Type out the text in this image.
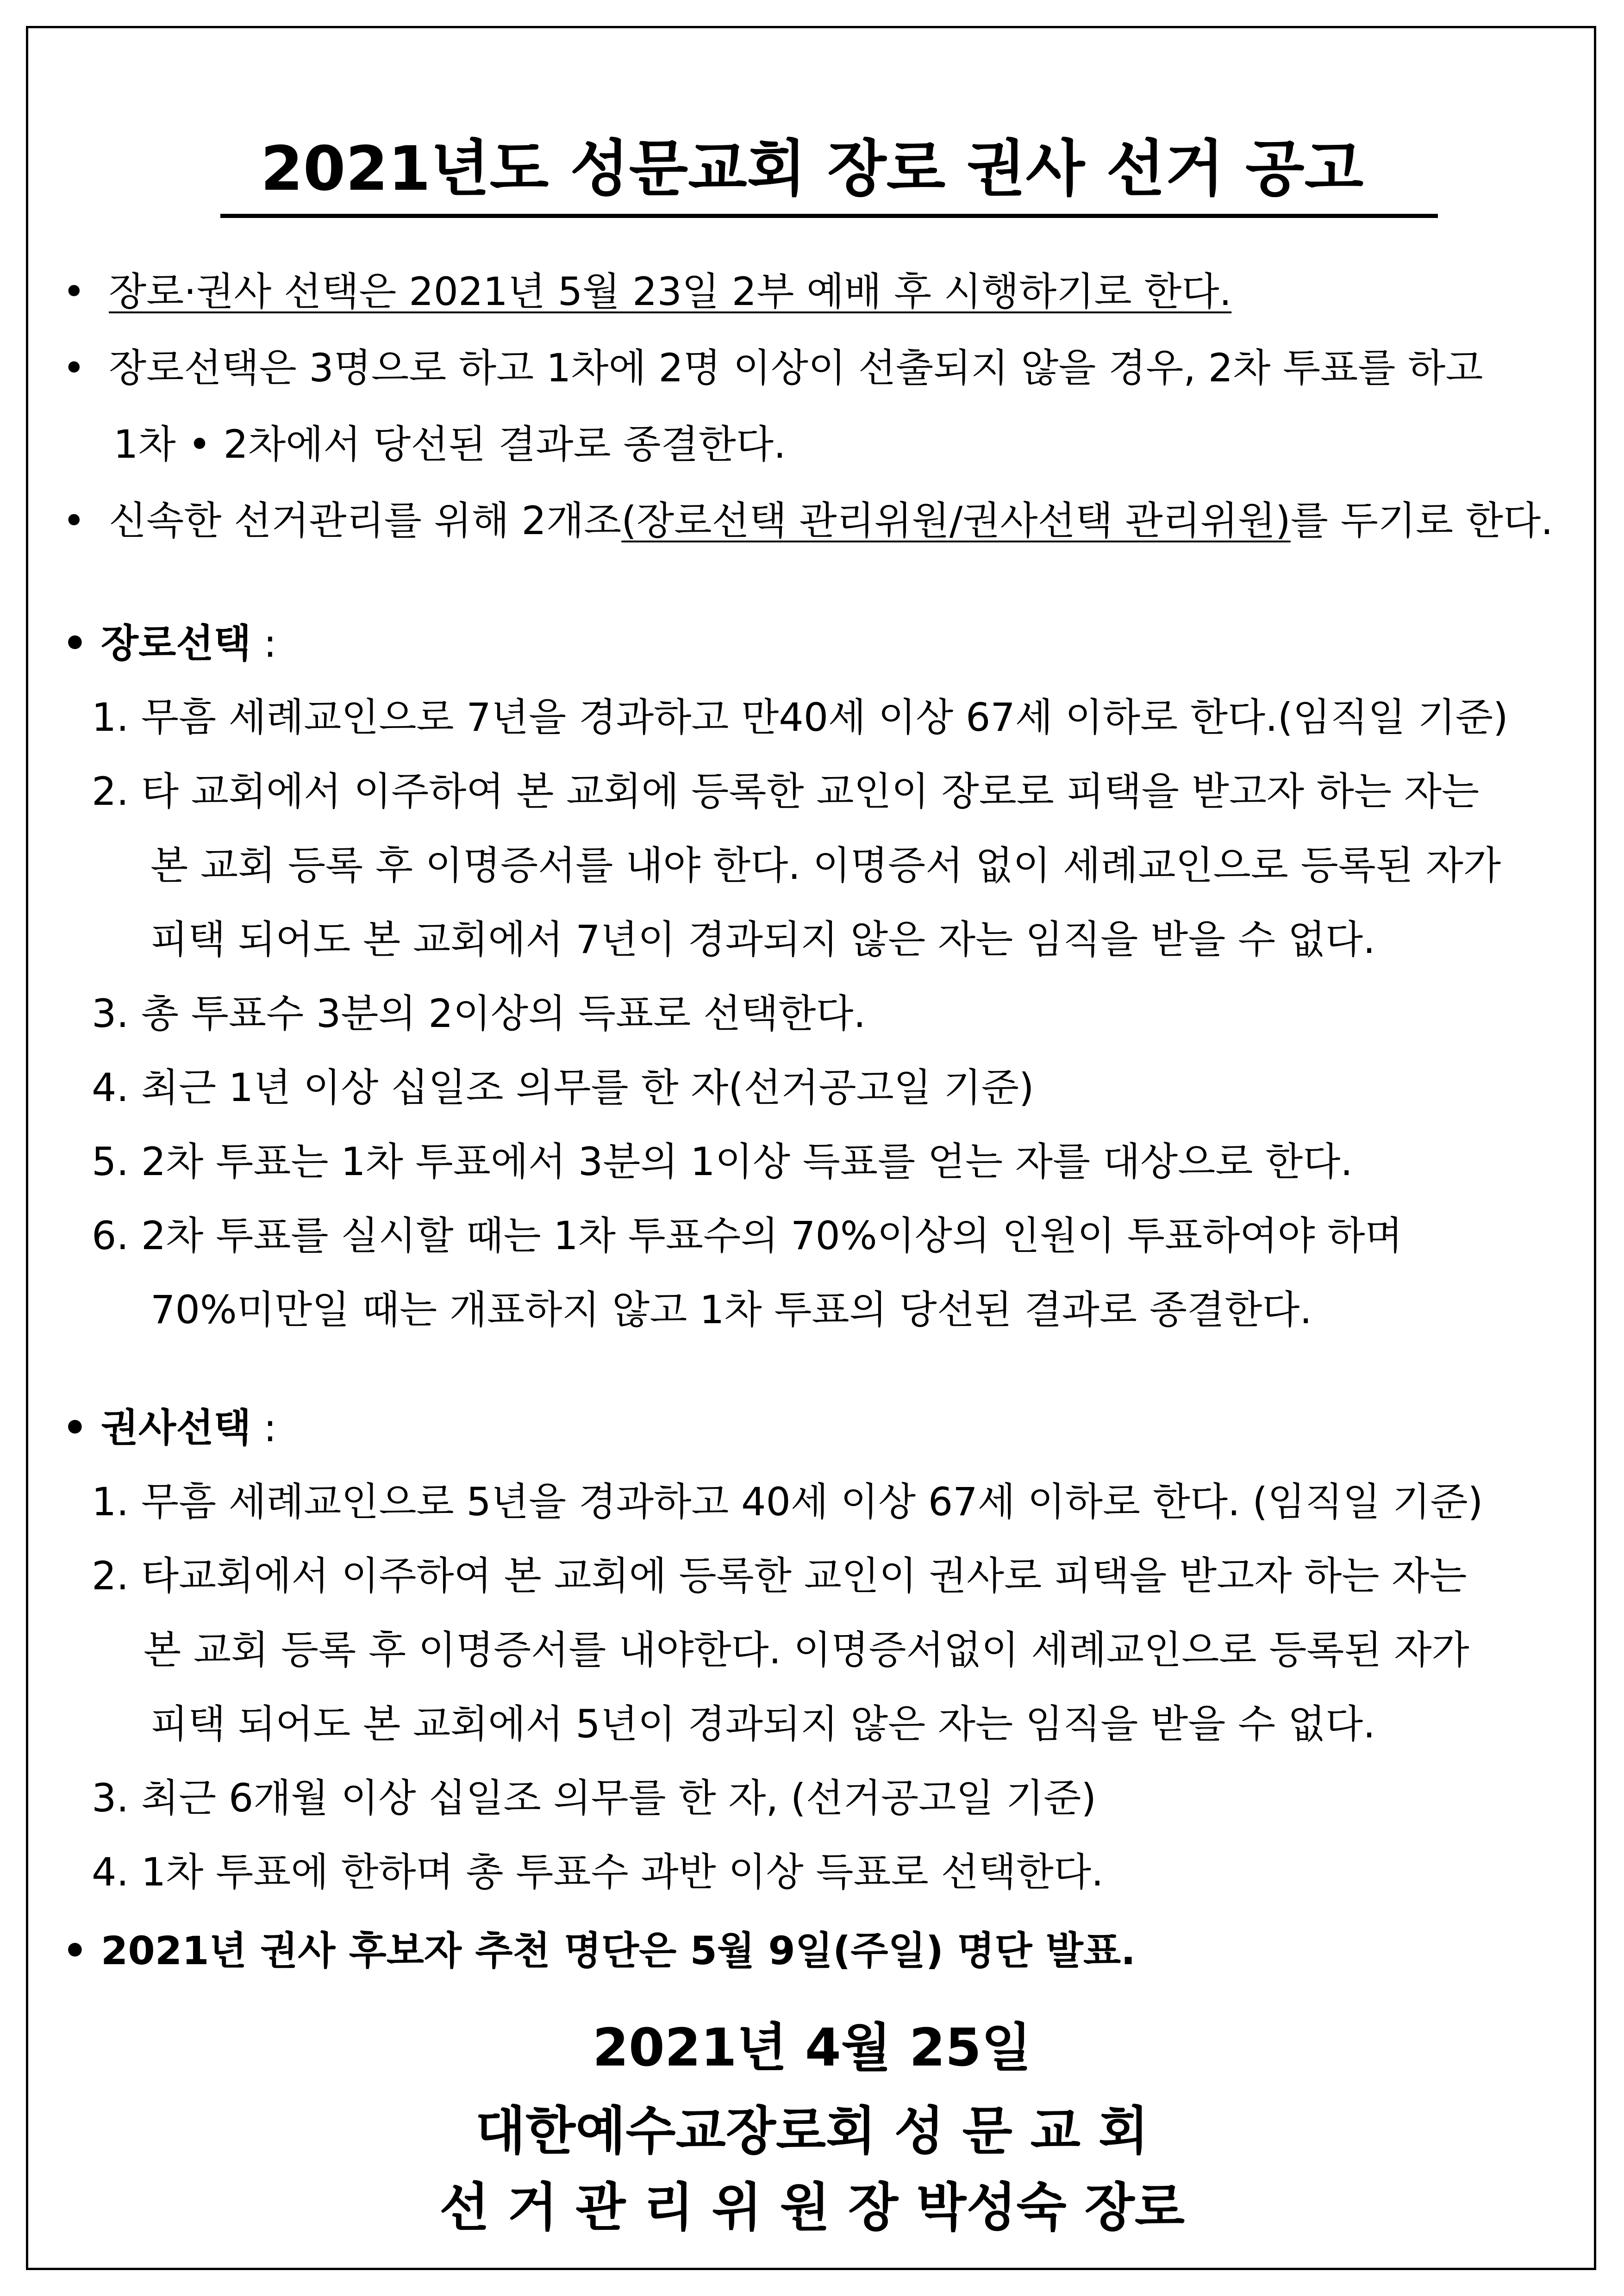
2021년도 성문교회 장로 권사 선거 공고
• 장로·권사 선택은 2021년 5월 23일 2부 예배 후 시행하기로 한다.
• 장로선택은 3명으로 하고 1차에 2명 이상이 선출되지 않을 경우, 2차 투표를 하고
1차 • 2차에서 당선된 결과로 종결한다.
• 신속한 선거관리를 위해 2개조(장로선택 관리위원/권사선택 관리위원)를 두기로 한다.
• 장로선택 :
1. 무흠 세례교인으로 7년을 경과하고 만40세 이상 67세 이하로 한다.(임직일 기준)
2. 타 교회에서 이주하여 본 교회에 등록한 교인이 장로로 피택을 받고자 하는 자는
본 교회 등록 후 이명증서를 내야 한다. 이명증서 없이 세례교인으로 등록된 자가
피택 되어도 본 교회에서 7년이 경과되지 않은 자는 임직을 받을 수 없다.
3. 총 투표수 3분의 2이상의 득표로 선택한다.
4. 최근 1년 이상 십일조 의무를 한 자(선거공고일 기준)
5. 2차 투표는 1차 투표에서 3분의 1이상 득표를 얻는 자를 대상으로 한다.
6. 2차 투표를 실시할 때는 1차 투표수의 70%이상의 인원이 투표하여야 하며
70%미만일 때는 개표하지 않고 1차 투표의 당선된 결과로 종결한다.
• 권사선택 :
1. 무흠 세례교인으로 5년을 경과하고 40세 이상 67세 이하로 한다. (임직일 기준)
2. 타교회에서 이주하여 본 교회에 등록한 교인이 권사로 피택을 받고자 하는 자는
본 교회 등록 후 이명증서를 내야한다. 이명증서없이 세례교인으로 등록된 자가
피택 되어도 본 교회에서 5년이 경과되지 않은 자는 임직을 받을 수 없다.
3. 최근 6개월 이상 십일조 의무를 한 자, (선거공고일 기준)
4. 1차 투표에 한하며 총 투표수 과반 이상 득표로 선택한다.
• 2021년 권사 후보자 추천 명단은 5월 9일(주일) 명단 발표.
2021년 4월 25일
대한예수교장로회 성 문 교 회
선 거 관 리 위 원 장 박성숙 장로
